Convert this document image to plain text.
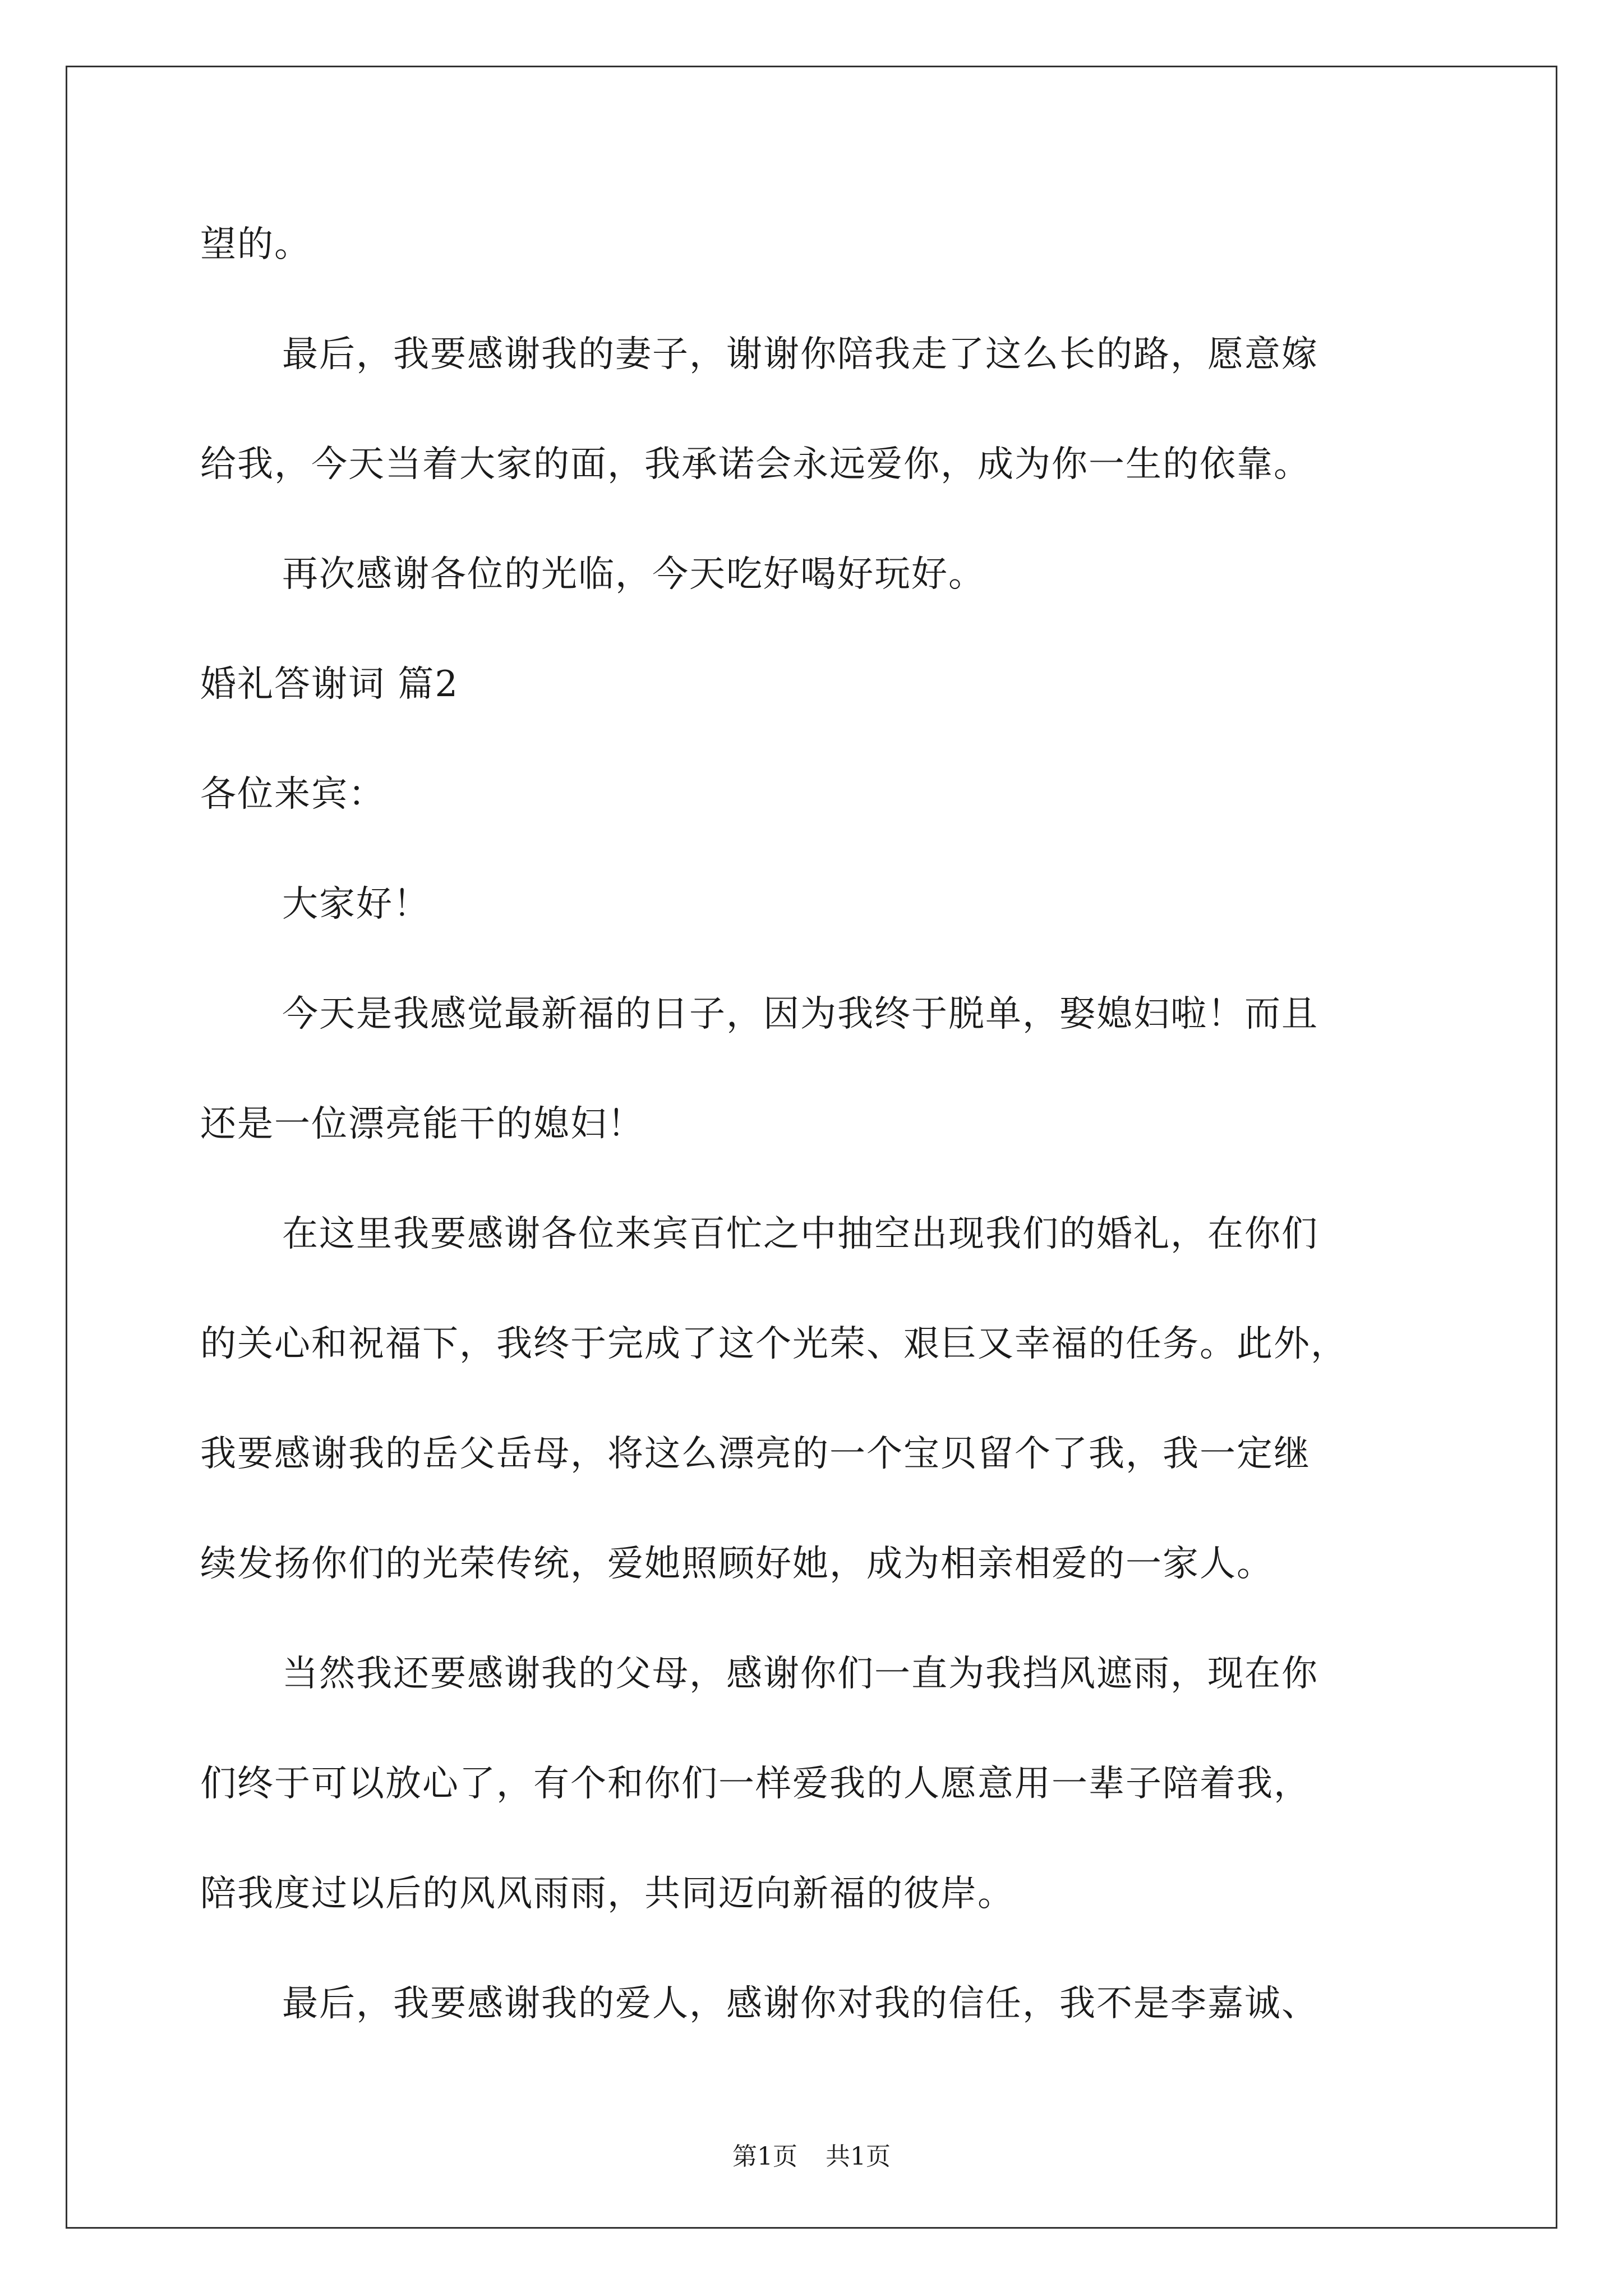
望的。
最后，我要感谢我的妻子，谢谢你陪我走了这么长的路，愿意嫁
给我，今天当着大家的面，我承诺会永远爱你，成为你一生的依靠。
再次感谢各位的光临，今天吃好喝好玩好。
婚礼答谢词 篇2
各位来宾：
大家好！
今天是我感觉最新福的日子，因为我终于脱单，娶媳妇啦！而且
还是一位漂亮能干的媳妇！
在这里我要感谢各位来宾百忙之中抽空出现我们的婚礼，在你们
的关心和祝福下，我终于完成了这个光荣、艰巨又幸福的任务。此外，
我要感谢我的岳父岳母，将这么漂亮的一个宝贝留个了我，我一定继
续发扬你们的光荣传统，爱她照顾好她，成为相亲相爱的一家人。
当然我还要感谢我的父母，感谢你们一直为我挡风遮雨，现在你
们终于可以放心了，有个和你们一样爱我的人愿意用一辈子陪着我，
陪我度过以后的风风雨雨，共同迈向新福的彼岸。
最后，我要感谢我的爱人，感谢你对我的信任，我不是李嘉诚、
第1页 共1页
